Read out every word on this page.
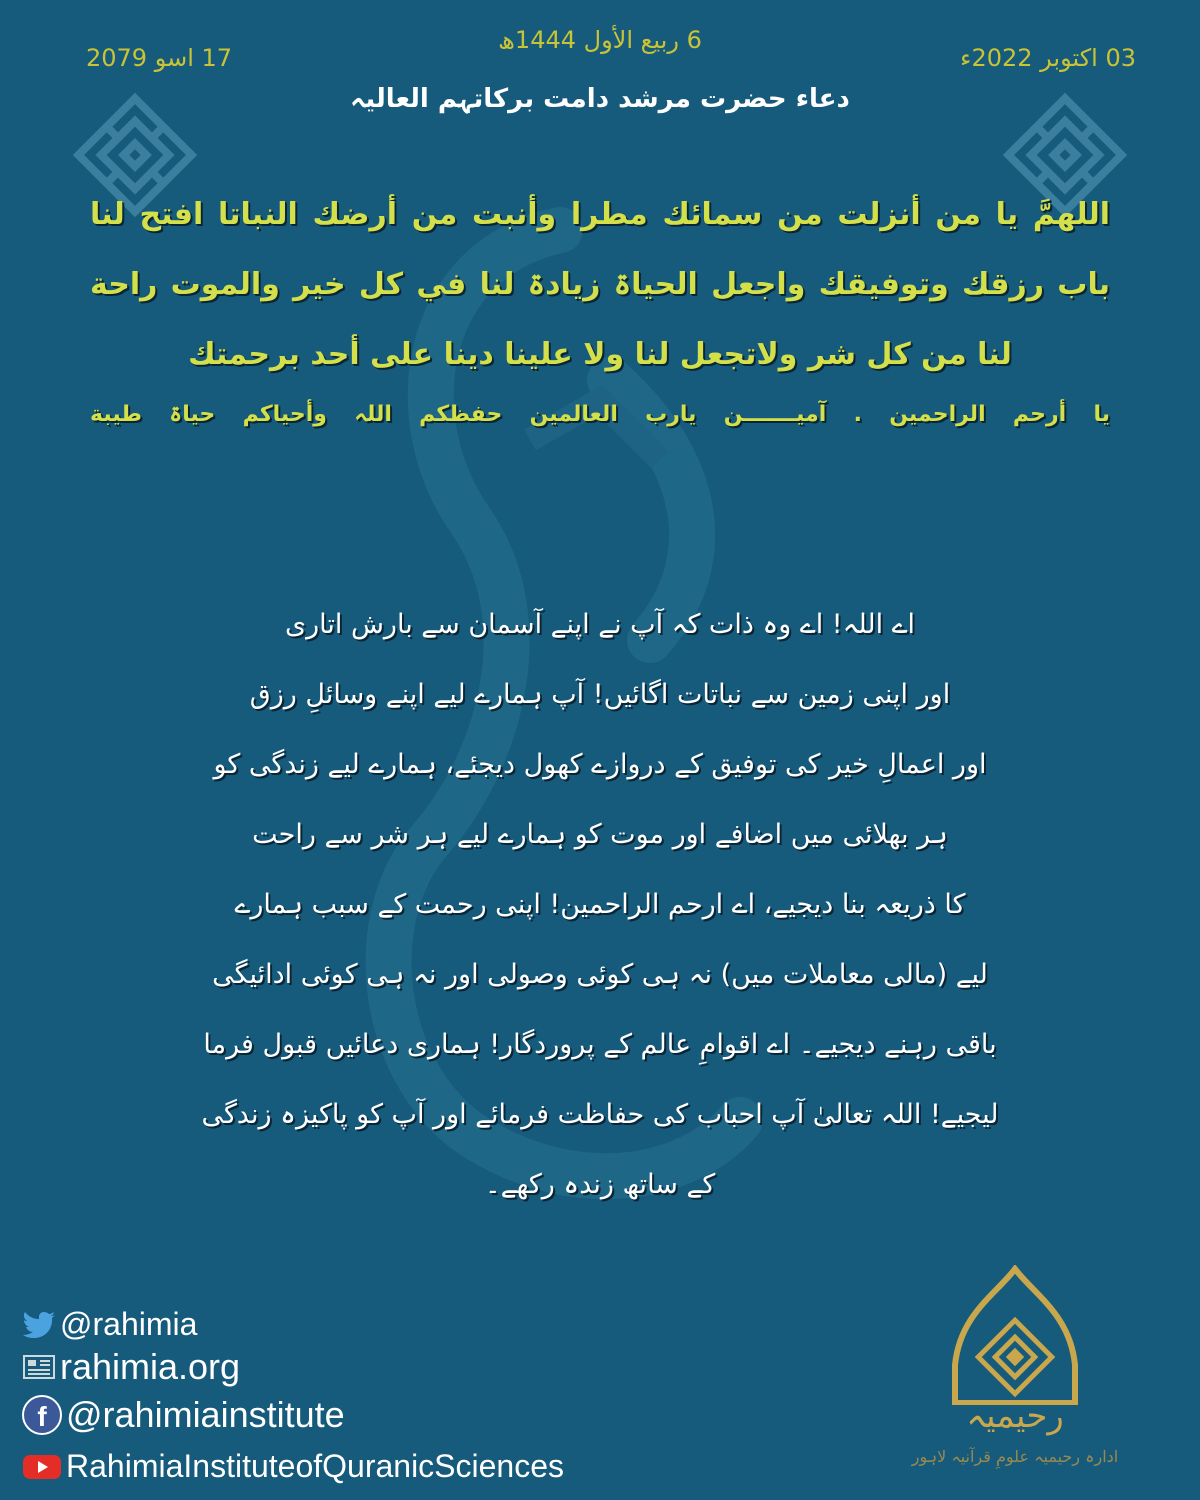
6 ربیع الأول 1444ھ
03 اکتوبر 2022ء
17 اسو 2079
دعاء حضرت مرشد دامت برکاتہم العالیہ
اللھمَّ یا من أنزلت من سمائك مطرا وأنبت من أرضك النباتا افتح لنا
باب رزقك وتوفیقك واجعل الحیاۃ زیادۃ لنا في كل خیر والموت راحة
لنا من كل شر ولاتجعل لنا ولا علینا دینا علی أحد برحمتك
یا أرحم الراحمین . آمیـــــــن یارب العالمین حفظکم اللہ وأحیاکم حیاۃ طیبة
اے اللہ! اے وہ ذات کہ آپ نے اپنے آسمان سے بارش اتاری
اور اپنی زمین سے نباتات اگائیں! آپ ہمارے لیے اپنے وسائلِ رزق
اور اعمالِ خیر کی توفیق کے دروازے کھول دیجئے، ہمارے لیے زندگی کو
ہر بھلائی میں اضافے اور موت کو ہمارے لیے ہر شر سے راحت
کا ذریعہ بنا دیجیے، اے ارحم الراحمین! اپنی رحمت کے سبب ہمارے
لیے (مالی معاملات میں) نہ ہی کوئی وصولی اور نہ ہی کوئی ادائیگی
باقی رہنے دیجیے۔ اے اقوامِ عالم کے پروردگار! ہماری دعائیں قبول فرما
لیجیے! اللہ تعالیٰ آپ احباب کی حفاظت فرمائے اور آپ کو پاکیزہ زندگی
کے ساتھ زندہ رکھے۔
@rahimia
rahimia.org
f @rahimiainstitute
RahimiaInstituteofQuranicSciences
رحیمیہ
ادارہ رحیمیہ علومِ قرآنیہ لاہور
